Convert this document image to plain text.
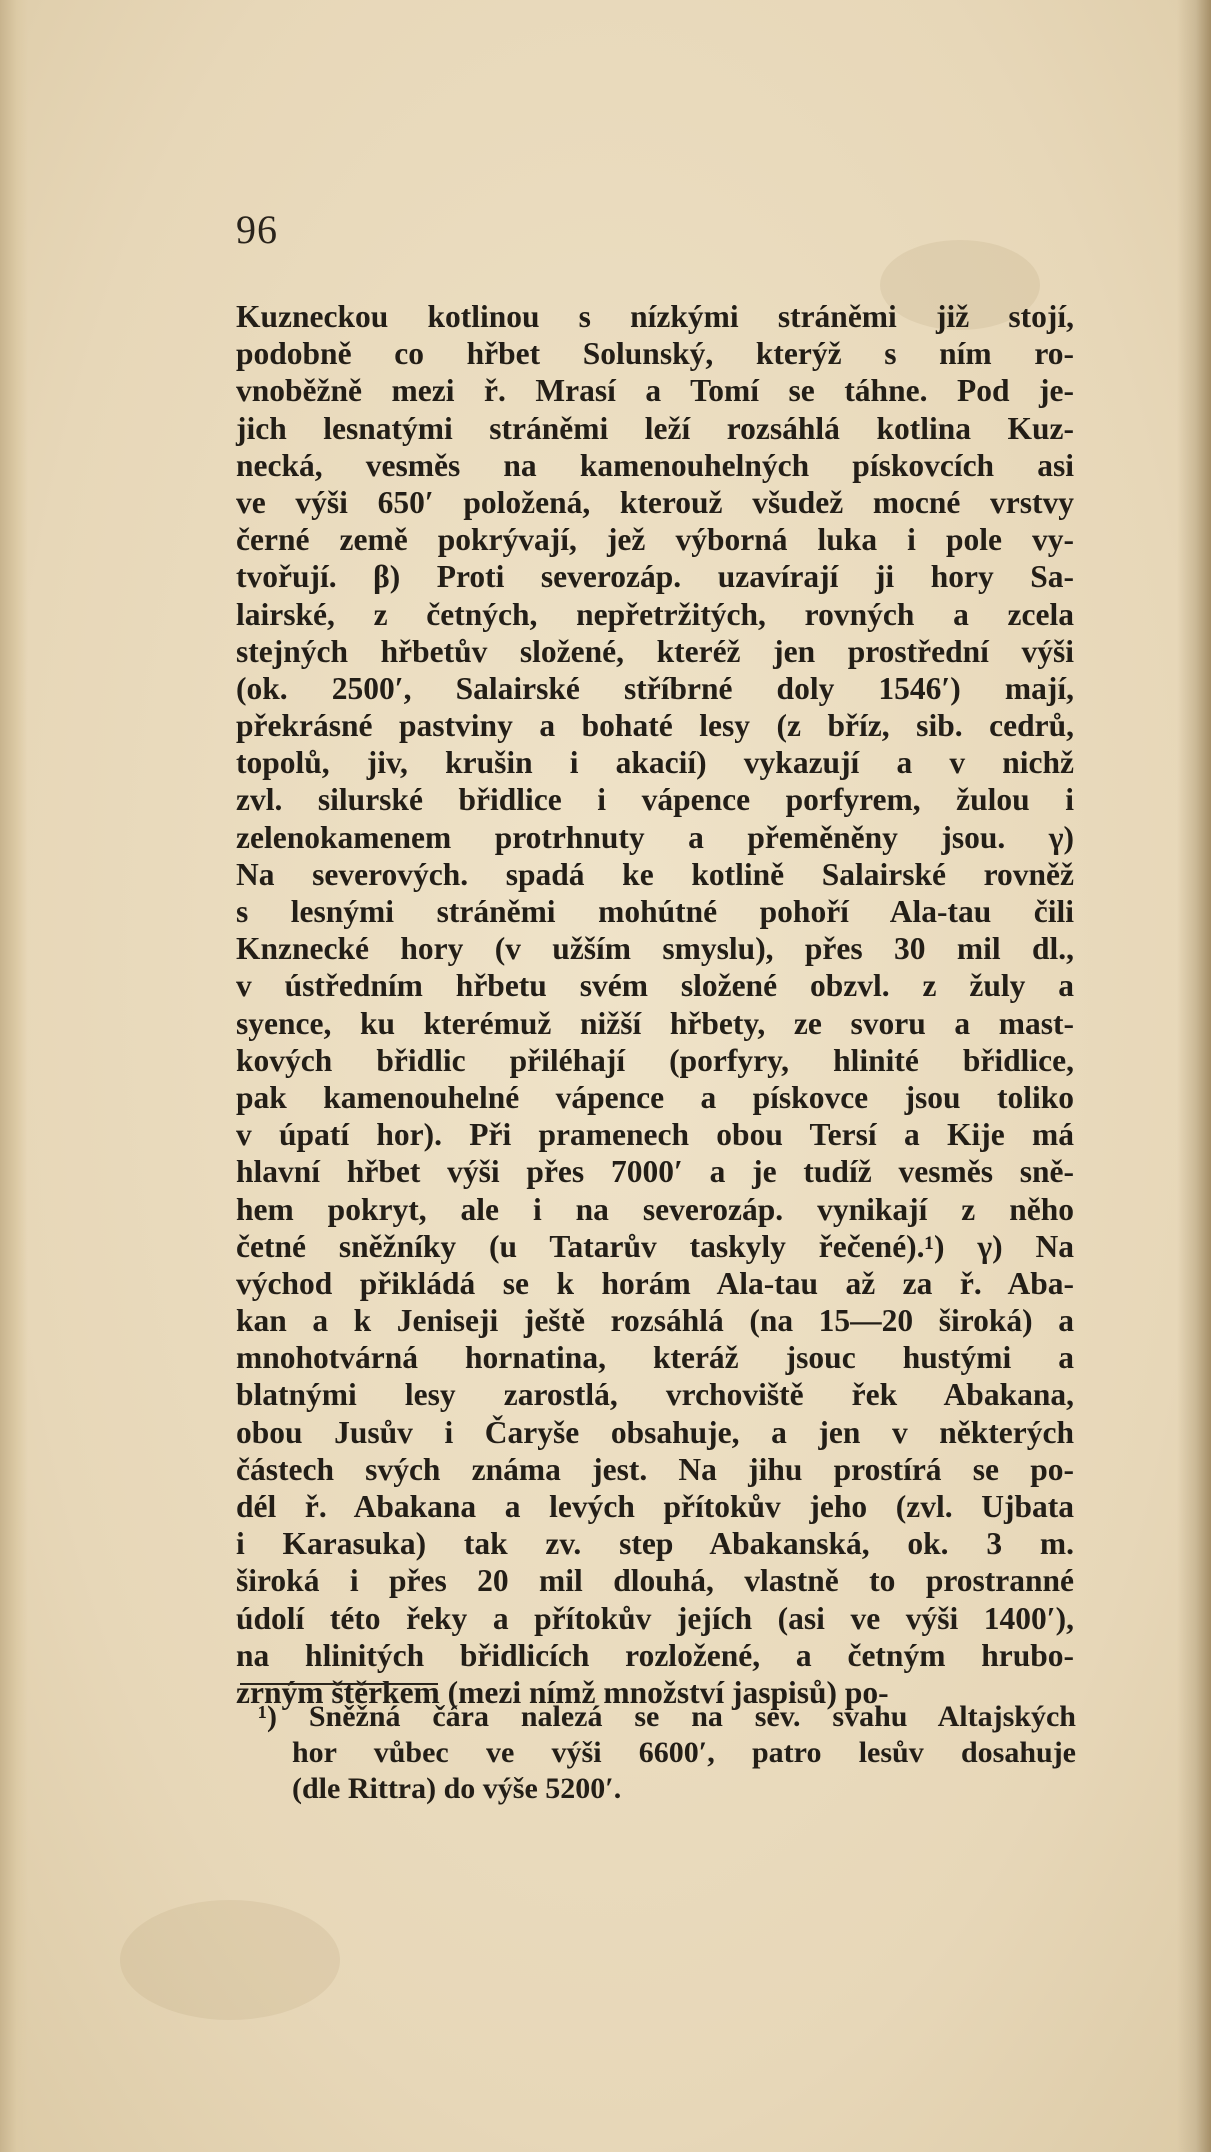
96
Kuzneckou kotlinou s nízkými stráněmi již stojí,
podobně co hřbet Solunský, kterýž s ním ro-
vnoběžně mezi ř. Mrasí a Tomí se táhne. Pod je-
jich lesnatými stráněmi leží rozsáhlá kotlina Kuz-
necká, vesměs na kamenouhelných pískovcích asi
ve výši 650′ položená, kterouž všudež mocné vrstvy
černé země pokrývají, jež výborná luka i pole vy-
tvořují. β) Proti severozáp. uzavírají ji hory Sa-
lairské, z četných, nepřetržitých, rovných a zcela
stejných hřbetův složené, kteréž jen prostřední výši
(ok. 2500′, Salairské stříbrné doly 1546′) mají,
překrásné pastviny a bohaté lesy (z bříz, sib. cedrů,
topolů, jiv, krušin i akacií) vykazují a v nichž
zvl. silurské břidlice i vápence porfyrem, žulou i
zelenokamenem protrhnuty a přeměněny jsou. γ)
Na severových. spadá ke kotlině Salairské rovněž
s lesnými stráněmi mohútné pohoří Ala-tau čili
Knznecké hory (v užším smyslu), přes 30 mil dl.,
v ústředním hřbetu svém složené obzvl. z žuly a
syence, ku kterémuž nižší hřbety, ze svoru a mast-
kových břidlic přiléhají (porfyry, hlinité břidlice,
pak kamenouhelné vápence a pískovce jsou toliko
v úpatí hor). Při pramenech obou Tersí a Kije má
hlavní hřbet výši přes 7000′ a je tudíž vesměs sně-
hem pokryt, ale i na severozáp. vynikají z něho
četné sněžníky (u Tatarův taskyly řečené).¹) γ) Na
východ přikládá se k horám Ala-tau až za ř. Aba-
kan a k Jeniseji ještě rozsáhlá (na 15—20 široká) a
mnohotvárná hornatina, kteráž jsouc hustými a
blatnými lesy zarostlá, vrchoviště řek Abakana,
obou Jusův i Čaryše obsahuje, a jen v některých
částech svých známa jest. Na jihu prostírá se po-
dél ř. Abakana a levých přítokův jeho (zvl. Ujbata
i Karasuka) tak zv. step Abakanská, ok. 3 m.
široká i přes 20 mil dlouhá, vlastně to prostranné
údolí této řeky a přítokův jejích (asi ve výši 1400′),
na hlinitých břidlicích rozložené, a četným hrubo-
zrným štěrkem (mezi nímž množství jaspisů) po-
¹) Sněžná čára nalezá se na sev. svahu Altajských
hor vůbec ve výši 6600′, patro lesův dosahuje
(dle Rittra) do výše 5200′.
